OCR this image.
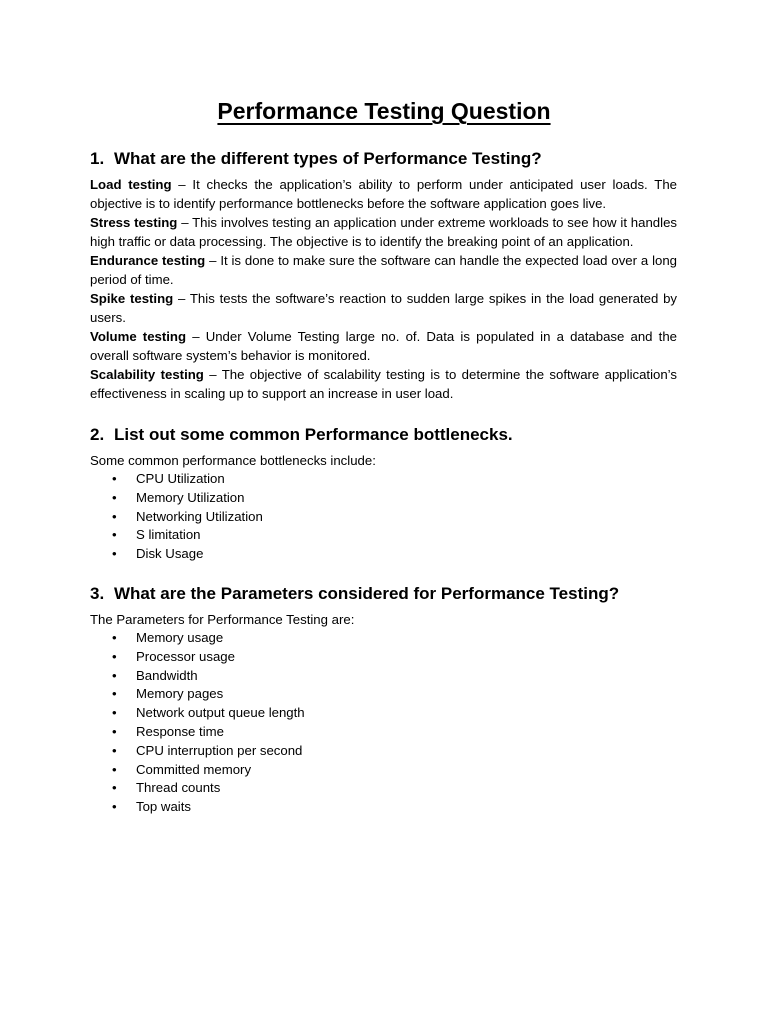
Performance Testing Question
1. What are the different types of Performance Testing?

Load testing – It checks the application’s ability to perform under anticipated user loads. The objective is to identify performance bottlenecks before the software application goes live.

Stress testing – This involves testing an application under extreme workloads to see how it handles high traffic or data processing. The objective is to identify the breaking point of an application.

Endurance testing – It is done to make sure the software can handle the expected load over a long period of time.

Spike testing – This tests the software’s reaction to sudden large spikes in the load generated by users.

Volume testing – Under Volume Testing large no. of. Data is populated in a database and the overall software system’s behavior is monitored.

Scalability testing – The objective of scalability testing is to determine the software application’s effectiveness in scaling up to support an increase in user load.

2. List out some common Performance bottlenecks.

Some common performance bottlenecks include:

• CPU Utilization
• Memory Utilization
• Networking Utilization
• S limitation
• Disk Usage
3. What are the Parameters considered for Performance Testing?

The Parameters for Performance Testing are:

• Memory usage
• Processor usage
• Bandwidth
• Memory pages
• Network output queue length
• Response time
• CPU interruption per second
• Committed memory
• Thread counts
• Top waits
